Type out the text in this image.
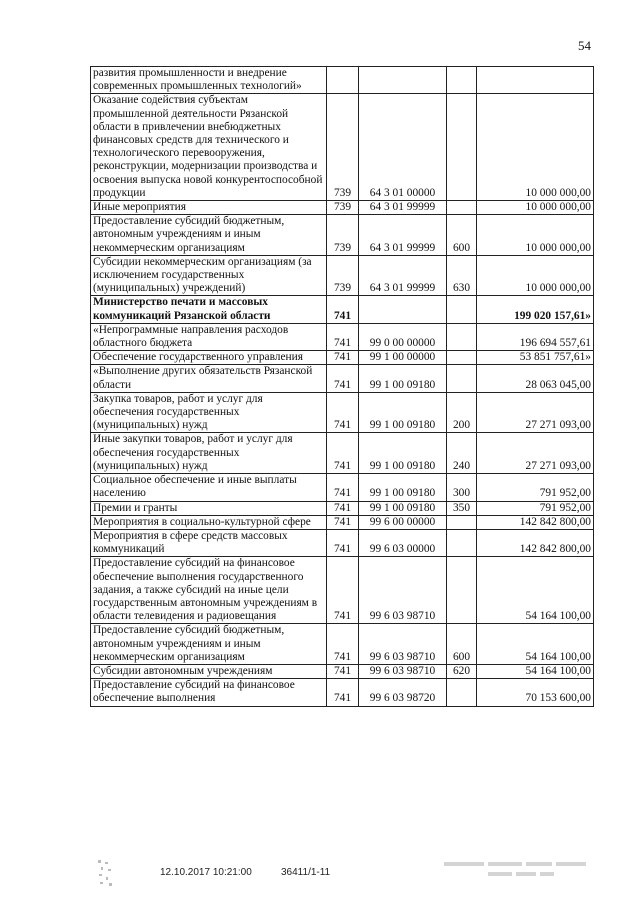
54
развития промышленности и внедрение современных промышленных технологий»				
Оказание содействия субъектам промышленной деятельности Рязанской области в привлечении внебюджетных финансовых средств для технического и технологического перевооружения, реконструкции, модернизации производства и освоения выпуска новой конкурентоспособной продукции	739	64 3 01 00000		10 000 000,00
Иные мероприятия	739	64 3 01 99999		10 000 000,00
Предоставление субсидий бюджетным, автономным учреждениям и иным некоммерческим организациям	739	64 3 01 99999	600	10 000 000,00
Субсидии некоммерческим организациям (за исключением государственных (муниципальных) учреждений)	739	64 3 01 99999	630	10 000 000,00
Министерство печати и массовых коммуникаций Рязанской области	741			199 020 157,61»
«Непрограммные направления расходов областного бюджета	741	99 0 00 00000		196 694 557,61
Обеспечение государственного управления	741	99 1 00 00000		53 851 757,61»
«Выполнение других обязательств Рязанской области	741	99 1 00 09180		28 063 045,00
Закупка товаров, работ и услуг для обеспечения государственных (муниципальных) нужд	741	99 1 00 09180	200	27 271 093,00
Иные закупки товаров, работ и услуг для обеспечения государственных (муниципальных) нужд	741	99 1 00 09180	240	27 271 093,00
Социальное обеспечение и иные выплаты населению	741	99 1 00 09180	300	791 952,00
Премии и гранты	741	99 1 00 09180	350	791 952,00
Мероприятия в социально-культурной сфере	741	99 6 00 00000		142 842 800,00
Мероприятия в сфере средств массовых коммуникаций	741	99 6 03 00000		142 842 800,00
Предоставление субсидий на финансовое обеспечение выполнения государственного задания, а также субсидий на иные цели государственным автономным учреждениям в области телевидения и радиовещания	741	99 6 03 98710		54 164 100,00
Предоставление субсидий бюджетным, автономным учреждениям и иным некоммерческим организациям	741	99 6 03 98710	600	54 164 100,00
Субсидии автономным учреждениям	741	99 6 03 98710	620	54 164 100,00
Предоставление субсидий на финансовое обеспечение выполнения	741	99 6 03 98720		70 153 600,00
12.10.2017 10:21:00	36411/1-11
